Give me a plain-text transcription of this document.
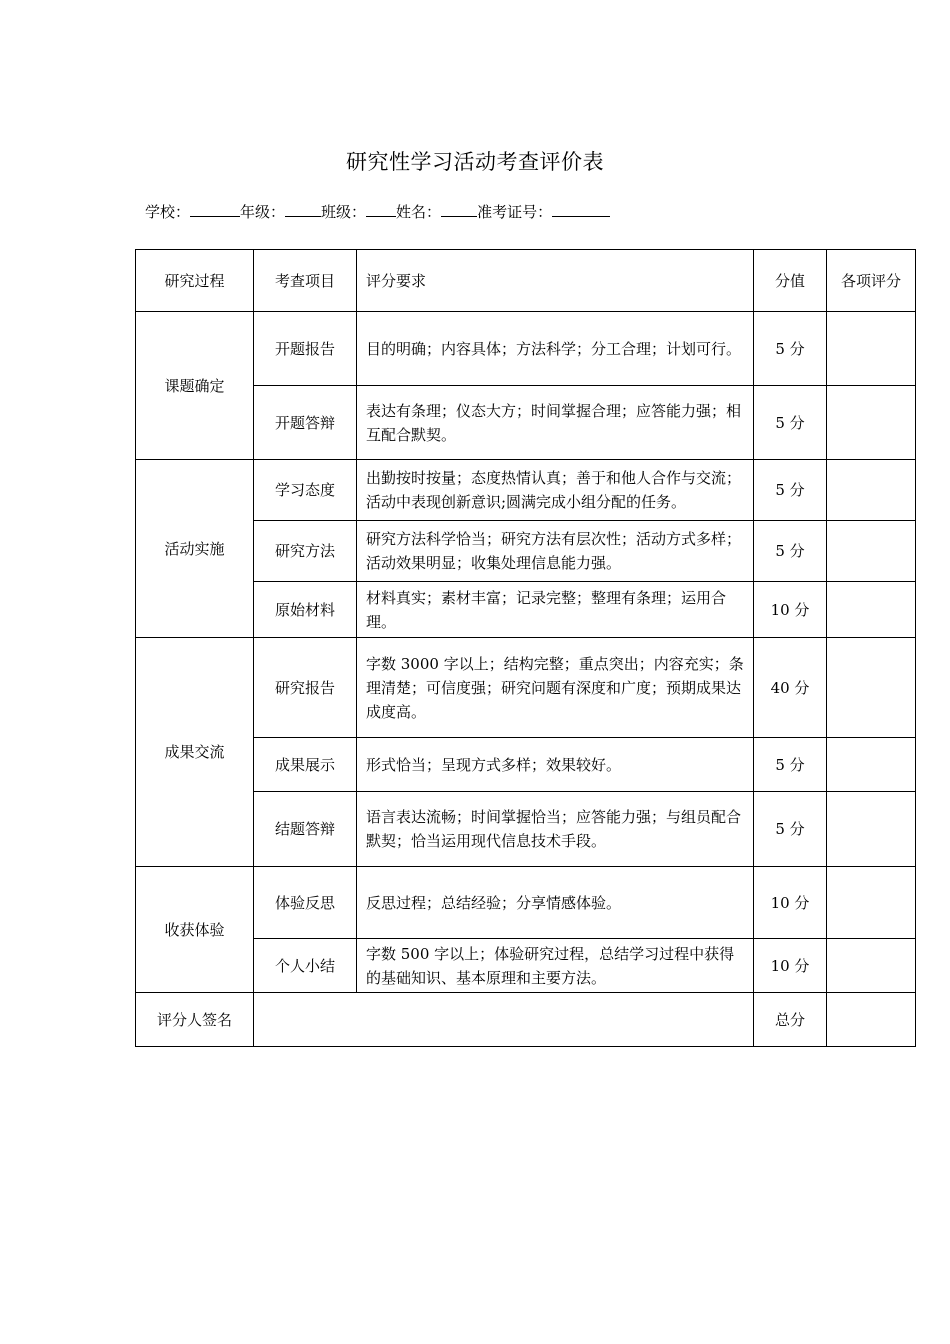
研究性学习活动考查评价表
学校：	年级： 班级： 姓名： 准考证号：
研究过程	考查项目	评分要求	分值	各项评分
课题确定	开题报告	目的明确；内容具体；方法科学；分工合理；计划可行。	5 分	
	开题答辩	表达有条理；仪态大方；时间掌握合理；应答能力强；相互配合默契。	5 分	
活动实施	学习态度	出勤按时按量；态度热情认真；善于和他人合作与交流；活动中表现创新意识;圆满完成小组分配的任务。	5 分	
	研究方法	研究方法科学恰当；研究方法有层次性；活动方式多样；活动效果明显；收集处理信息能力强。	5 分	
	原始材料	材料真实；素材丰富；记录完整；整理有条理；运用合理。	10 分	
成果交流	研究报告	字数 3000 字以上；结构完整；重点突出；内容充实；条理清楚；可信度强；研究问题有深度和广度；预期成果达成度高。	40 分	
	成果展示	形式恰当；呈现方式多样；效果较好。	5 分	
	结题答辩	语言表达流畅；时间掌握恰当；应答能力强；与组员配合默契；恰当运用现代信息技术手段。	5 分	
收获体验	体验反思	反思过程；总结经验；分享情感体验。	10 分	
	个人小结	字数 500 字以上；体验研究过程，总结学习过程中获得的基础知识、基本原理和主要方法。	10 分	
评分人签名			总分	
